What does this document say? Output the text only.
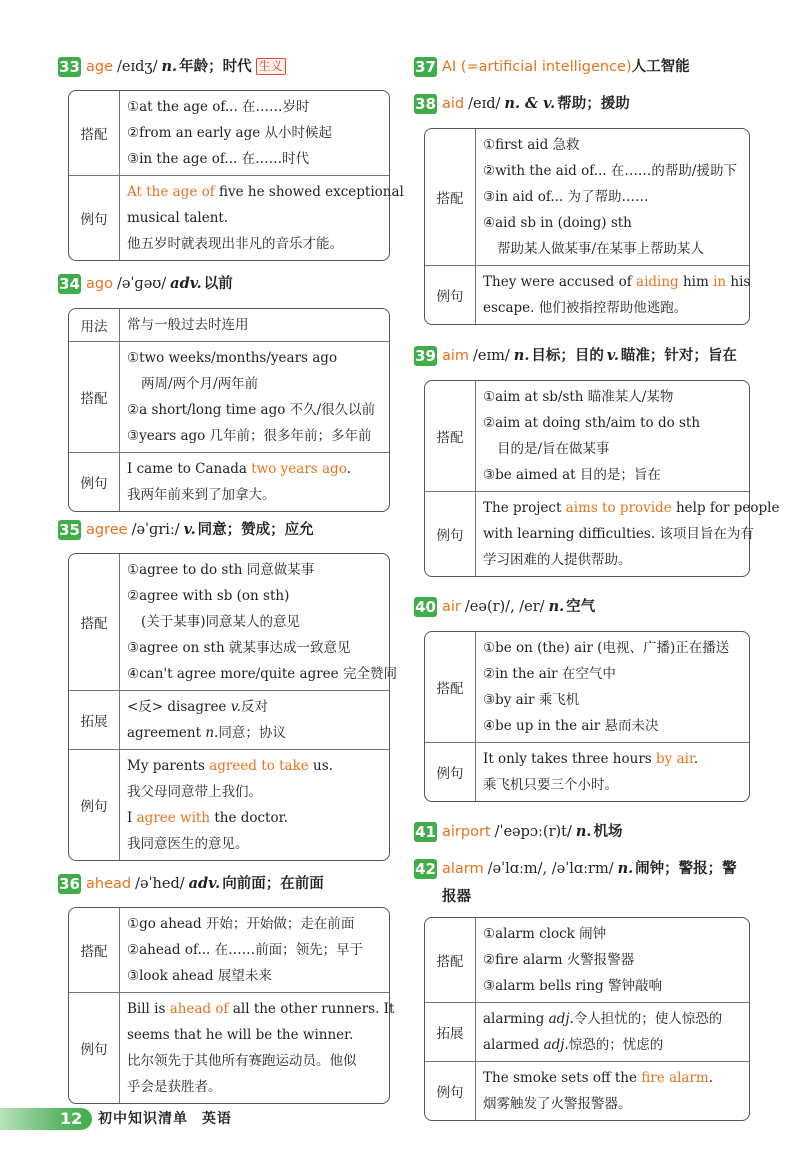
33 age /eɪdʒ/ n. 年龄；时代 生义
搭配
①at the age of... 在……岁时
②from an early age 从小时候起
③in the age of... 在……时代
例句
At the age of five he showed exceptional
musical talent.
他五岁时就表现出非凡的音乐才能。
34 ago /əˈɡəʊ/ adv. 以前
用法	常与一般过去时连用
搭配
①two weeks/months/years ago
两周/两个月/两年前
②a short/long time ago 不久/很久以前
③years ago 几年前；很多年前；多年前
例句
I came to Canada two years ago.
我两年前来到了加拿大。
35 agree /əˈɡriː/ v. 同意；赞成；应允
搭配
①agree to do sth 同意做某事
②agree with sb (on sth)
(关于某事)同意某人的意见
③agree on sth 就某事达成一致意见
④can't agree more/quite agree 完全赞同
拓展
<反> disagree v.反对
agreement n.同意；协议
例句
My parents agreed to take us.
我父母同意带上我们。
I agree with the doctor.
我同意医生的意见。
36 ahead /əˈhed/ adv. 向前面；在前面
搭配
①go ahead 开始；开始做；走在前面
②ahead of... 在……前面；领先；早于
③look ahead 展望未来
例句
Bill is ahead of all the other runners. It
seems that he will be the winner.
比尔领先于其他所有赛跑运动员。他似
乎会是获胜者。
37 AI (=artificial intelligence) 人工智能
38 aid /eɪd/ n. & v. 帮助；援助
搭配
①first aid 急救
②with the aid of... 在……的帮助/援助下
③in aid of... 为了帮助……
④aid sb in (doing) sth
帮助某人做某事/在某事上帮助某人
例句
They were accused of aiding him in his
escape. 他们被指控帮助他逃跑。
39 aim /eɪm/ n. 目标；目的 v. 瞄准；针对；旨在
搭配
①aim at sb/sth 瞄准某人/某物
②aim at doing sth/aim to do sth
目的是/旨在做某事
③be aimed at 目的是；旨在
例句
The project aims to provide help for people
with learning difficulties. 该项目旨在为有
学习困难的人提供帮助。
40 air /eə(r)/, /er/ n. 空气
搭配
①be on (the) air (电视、广播)正在播送
②in the air 在空气中
③by air 乘飞机
④be up in the air 悬而未决
例句
It only takes three hours by air.
乘飞机只要三个小时。
41 airport /ˈeəpɔː(r)t/ n. 机场
42 alarm /əˈlɑːm/, /əˈlɑːrm/ n. 闹钟；警报；警
报器
搭配
①alarm clock 闹钟
②fire alarm 火警报警器
③alarm bells ring 警钟敲响
拓展
alarming adj.令人担忧的；使人惊恐的
alarmed adj.惊恐的；忧虑的
例句
The smoke sets off the fire alarm.
烟雾触发了火警报警器。
12 初中知识清单 英语
